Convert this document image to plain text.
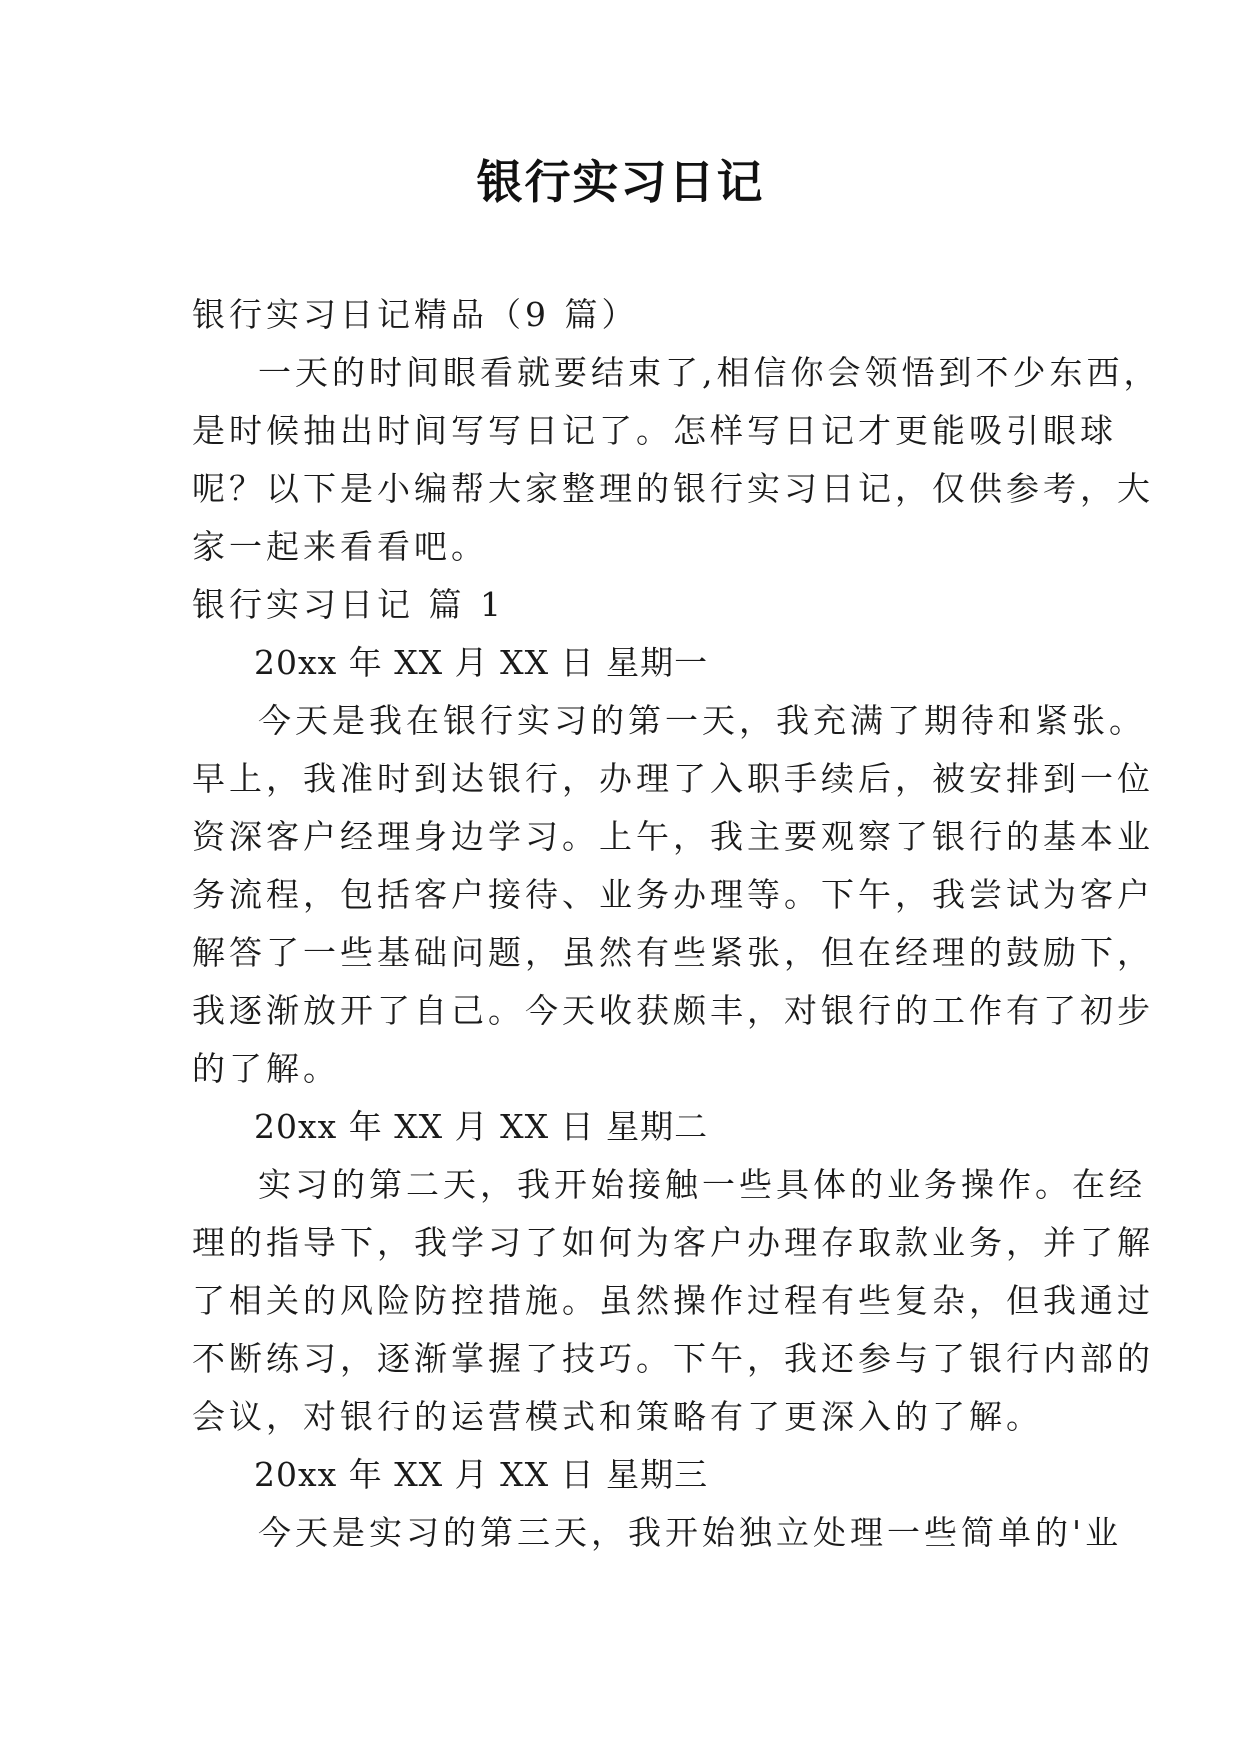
银行实习日记
银行实习日记精品（9 篇）
一天的时间眼看就要结束了,相信你会领悟到不少东西，
是时候抽出时间写写日记了。怎样写日记才更能吸引眼球
呢？以下是小编帮大家整理的银行实习日记，仅供参考，大
家一起来看看吧。
银行实习日记 篇 1
20xx 年 XX 月 XX 日 星期一
今天是我在银行实习的第一天，我充满了期待和紧张。
早上，我准时到达银行，办理了入职手续后，被安排到一位
资深客户经理身边学习。上午，我主要观察了银行的基本业
务流程，包括客户接待、业务办理等。下午，我尝试为客户
解答了一些基础问题，虽然有些紧张，但在经理的鼓励下，
我逐渐放开了自己。今天收获颇丰，对银行的工作有了初步
的了解。
20xx 年 XX 月 XX 日 星期二
实习的第二天，我开始接触一些具体的业务操作。在经
理的指导下，我学习了如何为客户办理存取款业务，并了解
了相关的风险防控措施。虽然操作过程有些复杂，但我通过
不断练习，逐渐掌握了技巧。下午，我还参与了银行内部的
会议，对银行的运营模式和策略有了更深入的了解。
20xx 年 XX 月 XX 日 星期三
今天是实习的第三天，我开始独立处理一些简单的'业
